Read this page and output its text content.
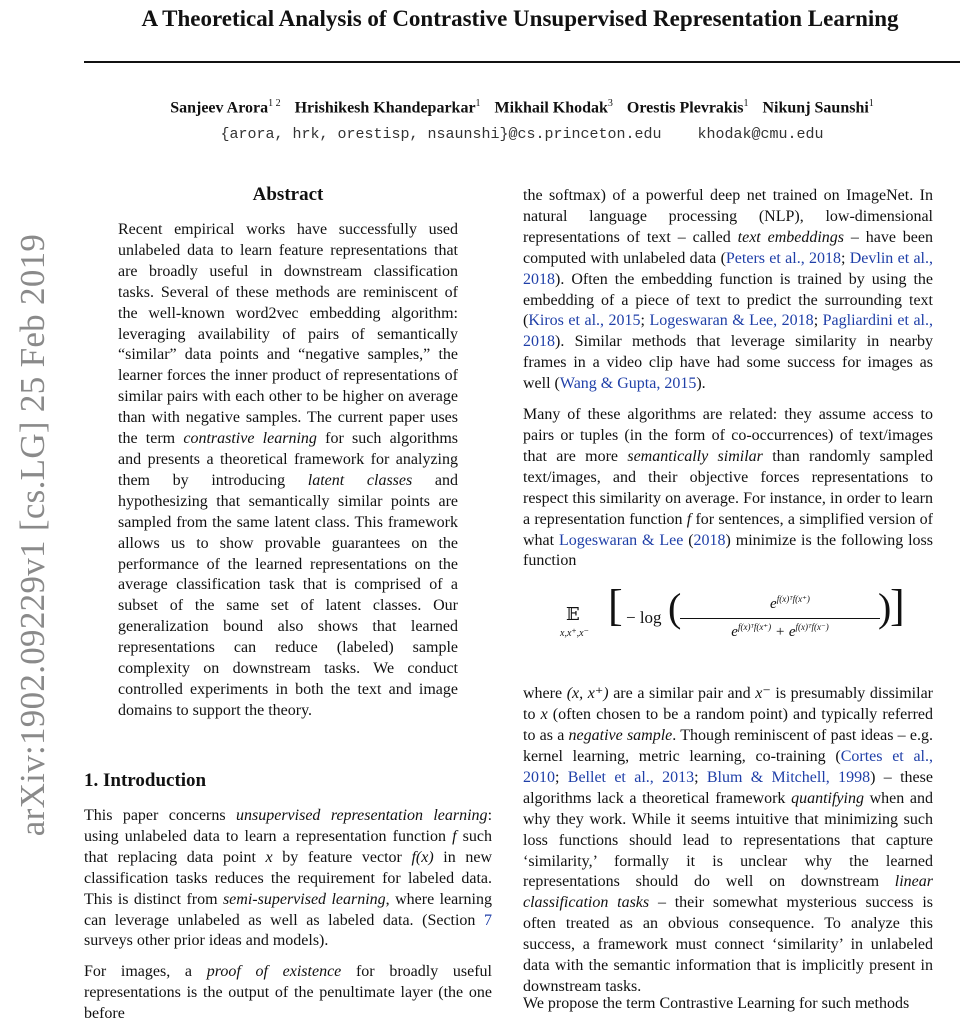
arXiv:1902.09229v1 [cs.LG] 25 Feb 2019
A Theoretical Analysis of Contrastive Unsupervised Representation Learning
Sanjeev Arora$^{1 2}$ Hrishikesh Khandeparkar$^1$ Mikhail Khodak$^3$ Orestis Plevrakis$^1$ Nikunj Saunshi$^1$
{arora, hrk, orestisp, nsaunshi}@cs.princeton.edu khodak@cmu.edu
Abstract

Recent empirical works have successfully used unlabeled data to learn feature representations that are broadly useful in downstream classification tasks. Several of these methods are reminiscent of the well-known word2vec embedding algorithm: leveraging availability of pairs of semantically “similar” data points and “negative samples,” the learner forces the inner product of representations of similar pairs with each other to be higher on average than with negative samples. The current paper uses the term contrastive learning for such algorithms and presents a theoretical framework for analyzing them by introducing latent classes and hypothesizing that semantically similar points are sampled from the same latent class. This framework allows us to show provable guarantees on the performance of the learned representations on the average classification task that is comprised of a subset of the same set of latent classes. Our generalization bound also shows that learned representations can reduce (labeled) sample complexity on downstream tasks. We conduct controlled experiments in both the text and image domains to support the theory.

1. Introduction

This paper concerns unsupervised representation learning: using unlabeled data to learn a representation function f such that replacing data point x by feature vector f(x) in new classification tasks reduces the requirement for labeled data. This is distinct from semi-supervised learning, where learning can leverage unlabeled as well as labeled data. (Section 7 surveys other prior ideas and models).

For images, a proof of existence for broadly useful representations is the output of the penultimate layer (the one before

the softmax) of a powerful deep net trained on ImageNet. In natural language processing (NLP), low-dimensional representations of text – called text embeddings – have been computed with unlabeled data (Peters et al., 2018; Devlin et al., 2018). Often the embedding function is trained by using the embedding of a piece of text to predict the surrounding text (Kiros et al., 2015; Logeswaran & Lee, 2018; Pagliardini et al., 2018). Similar methods that leverage similarity in nearby frames in a video clip have had some success for images as well (Wang & Gupta, 2015).

Many of these algorithms are related: they assume access to pairs or tuples (in the form of co-occurrences) of text/images that are more semantically similar than randomly sampled text/images, and their objective forces representations to respect this similarity on average. For instance, in order to learn a representation function f for sentences, a simplified version of what Logeswaran & Lee (2018) minimize is the following loss function

where (x, x⁺) are a similar pair and x⁻ is presumably dissimilar to x (often chosen to be a random point) and typically referred to as a negative sample. Though reminiscent of past ideas – e.g. kernel learning, metric learning, co-training (Cortes et al., 2010; Bellet et al., 2013; Blum & Mitchell, 1998) – these algorithms lack a theoretical framework quantifying when and why they work. While it seems intuitive that minimizing such loss functions should lead to representations that capture ‘similarity,’ formally it is unclear why the learned representations should do well on downstream linear classification tasks – their somewhat mysterious success is often treated as an obvious consequence. To analyze this success, a framework must connect ‘similarity’ in unlabeled data with the semantic information that is implicitly present in downstream tasks.

𝔼
x,x⁺,x⁻
[ − log (	$e^{f(x)ᵀf(x^+)}$
$e^{f(x)ᵀf(x^+)} + e^{f(x)ᵀf(x^-)}$	)
]
We propose the term Contrastive Learning for such methods
